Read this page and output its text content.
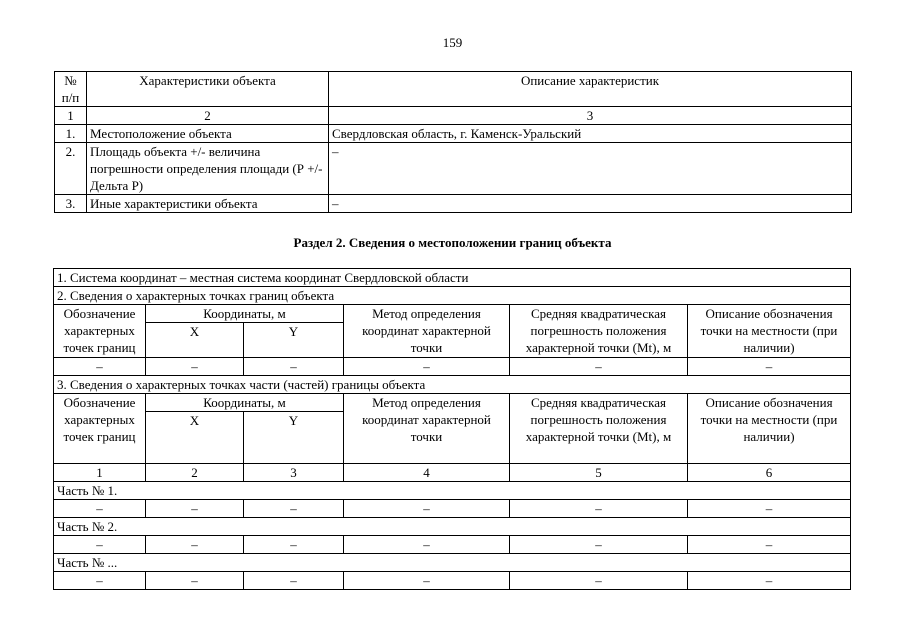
159
№ п/п	Характеристики объекта	Описание характеристик
1	2	3
1.	Местоположение объекта	Свердловская область, г. Каменск-Уральский
2.	Площадь объекта +/- величина погрешности определения площади (Р +/- Дельта Р)	–
3.	Иные характеристики объекта	–
Раздел 2. Сведения о местоположении границ объекта
1. Система координат – местная система координат Свердловской области					
2. Сведения о характерных точках границ объекта					
Обозначение характерных точек границ	Координаты, м		Метод определения координат характерной точки	Средняя квадратическая погрешность положения характерной точки (Mt), м	Описание обозначения точки на местности (при наличии)
	X	Y			
–	–	–	–	–	–
3. Сведения о характерных точках части (частей) границы объекта					
Обозначение характерных точек границ	Координаты, м		Метод определения координат характерной точки	Средняя квадратическая погрешность положения характерной точки (Mt), м	Описание обозначения точки на местности (при наличии)
	X	Y			
1	2	3	4	5	6
Часть № 1.					
–	–	–	–	–	–
Часть № 2.					
–	–	–	–	–	–
Часть № ...					
–	–	–	–	–	–
